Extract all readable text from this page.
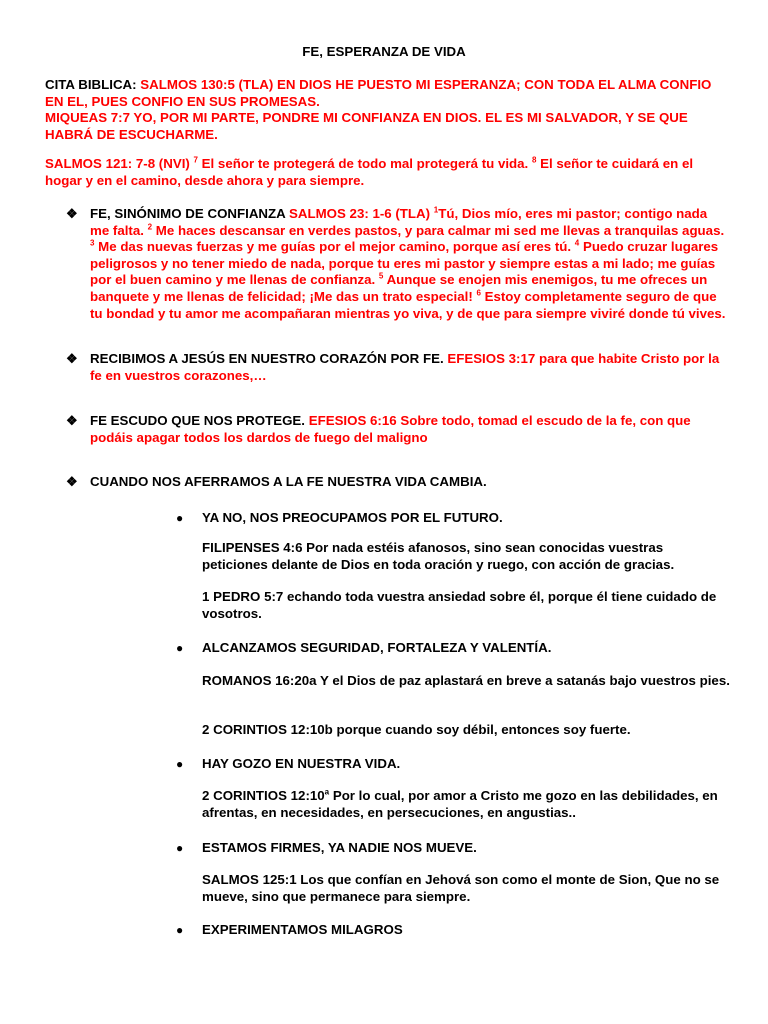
FE, ESPERANZA DE VIDA

CITA BIBLICA: SALMOS 130:5 (TLA) EN DIOS HE PUESTO MI ESPERANZA; CON TODA EL ALMA CONFIO EN EL, PUES CONFIO EN SUS PROMESAS.
MIQUEAS 7:7 YO, POR MI PARTE, PONDRE MI CONFIANZA EN DIOS. EL ES MI SALVADOR, Y SE QUE HABRÁ DE ESCUCHARME.

SALMOS 121: 7-8 (NVI) $^7$ El señor te protegerá de todo mal protegerá tu vida. $^8$ El señor te cuidará en el hogar y en el camino, desde ahora y para siempre.

❖ FE, SINÓNIMO DE CONFIANZA SALMOS 23: 1-6 (TLA) $^1$Tú, Dios mío, eres mi pastor; contigo nada me falta. $^2$ Me haces descansar en verdes pastos, y para calmar mi sed me llevas a tranquilas aguas. $^3$ Me das nuevas fuerzas y me guías por el mejor camino, porque así eres tú. $^4$ Puedo cruzar lugares peligrosos y no tener miedo de nada, porque tu eres mi pastor y siempre estas a mi lado; me guías por el buen camino y me llenas de confianza. $^5$ Aunque se enojen mis enemigos, tu me ofreces un banquete y me llenas de felicidad; ¡Me das un trato especial! $^6$ Estoy completamente seguro de que tu bondad y tu amor me acompañaran mientras yo viva, y de que para siempre viviré donde tú vives.

❖ RECIBIMOS A JESÚS EN NUESTRO CORAZÓN POR FE. EFESIOS 3:17 para que habite Cristo por la fe en vuestros corazones,…

❖ FE ESCUDO QUE NOS PROTEGE. EFESIOS 6:16 Sobre todo, tomad el escudo de la fe, con que podáis apagar todos los dardos de fuego del maligno

❖ CUANDO NOS AFERRAMOS A LA FE NUESTRA VIDA CAMBIA.

● YA NO, NOS PREOCUPAMOS POR EL FUTURO.

FILIPENSES 4:6 Por nada estéis afanosos, sino sean conocidas vuestras peticiones delante de Dios en toda oración y ruego, con acción de gracias.

1 PEDRO 5:7 echando toda vuestra ansiedad sobre él, porque él tiene cuidado de vosotros.

● ALCANZAMOS SEGURIDAD, FORTALEZA Y VALENTÍA.

ROMANOS 16:20a Y el Dios de paz aplastará en breve a satanás bajo vuestros pies.

2 CORINTIOS 12:10b porque cuando soy débil, entonces soy fuerte.

● HAY GOZO EN NUESTRA VIDA.

2 CORINTIOS 12:10$^a$ Por lo cual, por amor a Cristo me gozo en las debilidades, en afrentas, en necesidades, en persecuciones, en angustias..

● ESTAMOS FIRMES, YA NADIE NOS MUEVE.

SALMOS 125:1 Los que confían en Jehová son como el monte de Sion, Que no se mueve, sino que permanece para siempre.

● EXPERIMENTAMOS MILAGROS
